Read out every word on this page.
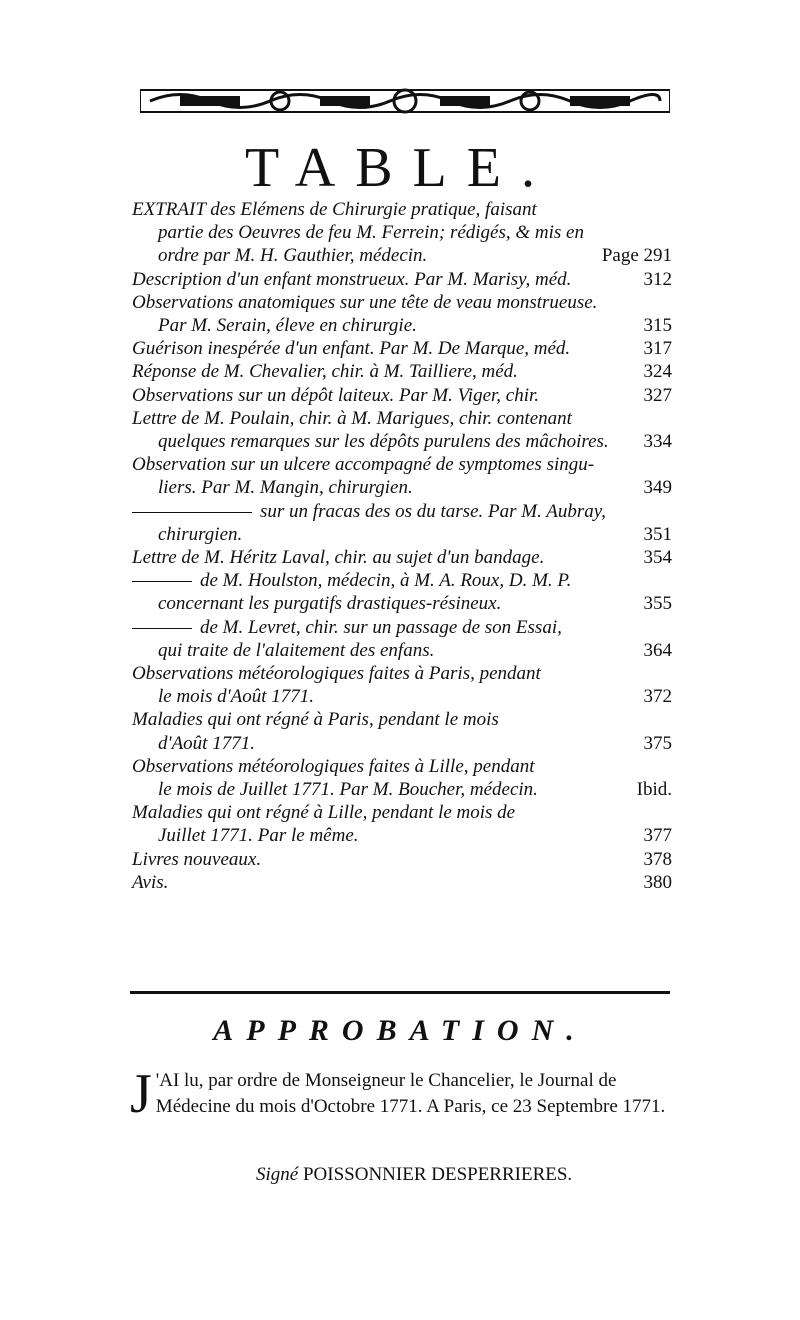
TABLE.
EXTRAIT des Elémens de Chirurgie pratique, faisant
partie des Oeuvres de feu M. Ferrein; rédigés, & mis en
ordre par M. H. Gauthier, médecin.	Page 291
Description d'un enfant monstrueux. Par M. Marisy, méd.	312
Observations anatomiques sur une tête de veau monstrueuse.
Par M. Serain, éleve en chirurgie.	315
Guérison inespérée d'un enfant. Par M. De Marque, méd.	317
Réponse de M. Chevalier, chir. à M. Tailliere, méd.	324
Observations sur un dépôt laiteux. Par M. Viger, chir.	327
Lettre de M. Poulain, chir. à M. Marigues, chir. contenant
quelques remarques sur les dépôts purulens des mâchoires.	334
Observation sur un ulcere accompagné de symptomes singu-
liers. Par M. Mangin, chirurgien.	349
sur un fracas des os du tarse. Par M. Aubray,
chirurgien.	351
Lettre de M. Héritz Laval, chir. au sujet d'un bandage.	354
de M. Houlston, médecin, à M. A. Roux, D. M. P.
concernant les purgatifs drastiques-résineux.	355
de M. Levret, chir. sur un passage de son Essai,
qui traite de l'alaitement des enfans.	364
Observations météorologiques faites à Paris, pendant
le mois d'Août 1771.	372
Maladies qui ont régné à Paris, pendant le mois
d'Août 1771.	375
Observations météorologiques faites à Lille, pendant
le mois de Juillet 1771. Par M. Boucher, médecin.	Ibid.
Maladies qui ont régné à Lille, pendant le mois de
Juillet 1771. Par le même.	377
Livres nouveaux.	378
Avis.	380
APPROBATION.
J 'AI lu, par ordre de Monseigneur le Chancelier, le Journal de Médecine du mois d'Octobre 1771. A Paris, ce 23 Septembre 1771.
Signé POISSONNIER DESPERRIERES.
